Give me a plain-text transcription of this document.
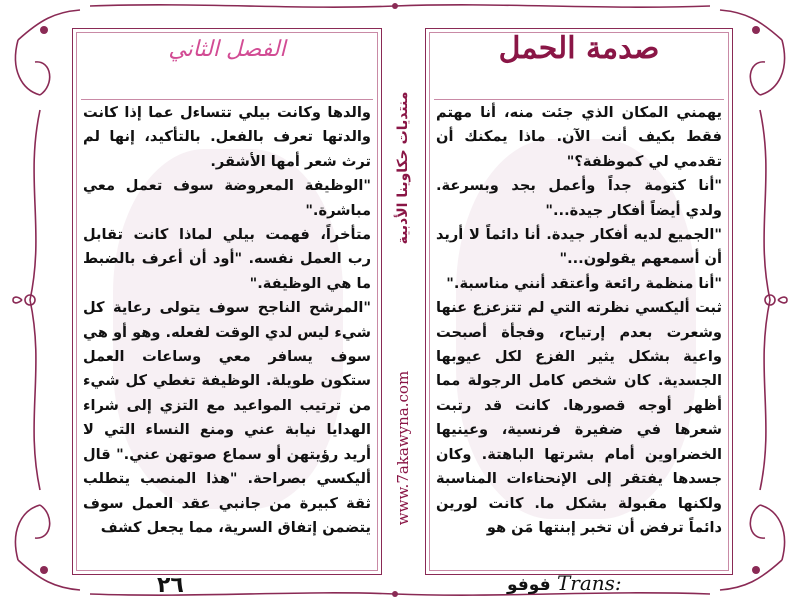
الفصل الثاني

والدها وكانت بيلي تتساءل عما إذا كانت والدتها تعرف بالفعل. بالتأكيد، إنها لم ترث شعر أمها الأشقر.

"الوظيفة المعروضة سوف تعمل معي مباشرة."

متأخراً، فهمت بيلي لماذا كانت تقابل رب العمل نفسه. "أود أن أعرف بالضبط ما هي الوظيفة."

"المرشح الناجح سوف يتولى رعاية كل شيء ليس لدي الوقت لفعله. وهو أو هي سوف يسافر معي وساعات العمل ستكون طويلة. الوظيفة تغطي كل شيء من ترتيب المواعيد مع التزي إلى شراء الهدايا نيابة عني ومنع النساء التي لا أريد رؤيتهن أو سماع صوتهن عني." قال أليكسي بصراحة. "هذا المنصب يتطلب ثقة كبيرة من جانبي عقد العمل سوف يتضمن إتفاق السرية، مما يجعل كشف

منتديات حكاوينا الأدبية
www.7akawyna.com
صدمة الحمل

يهمني المكان الذي جئت منه، أنا مهتم فقط بكيف أنت الآن. ماذا يمكنك أن تقدمي لي كموظفة؟"

"أنا كتومة جداً وأعمل بجد وبسرعة. ولدي أيضاً أفكار جيدة..."

"الجميع لديه أفكار جيدة. أنا دائماً لا أريد أن أسمعهم يقولون..."

"أنا منظمة رائعة وأعتقد أنني مناسبة."

ثبت أليكسي نظرته التي لم تتزعزع عنها وشعرت بعدم إرتياح، وفجأة أصبحت واعية بشكل يثير الفزع لكل عيوبها الجسدية. كان شخص كامل الرجولة مما أظهر أوجه قصورها. كانت قد رتبت شعرها في ضفيرة فرنسية، وعينيها الخضراوين أمام بشرتها الباهتة. وكان جسدها يفتقر إلى الإنحناءات المناسبة ولكنها مقبولة بشكل ما. كانت لورين دائماً ترفض أن تخبر إبنتها مَن هو

٢٦	فوفو Trans:
